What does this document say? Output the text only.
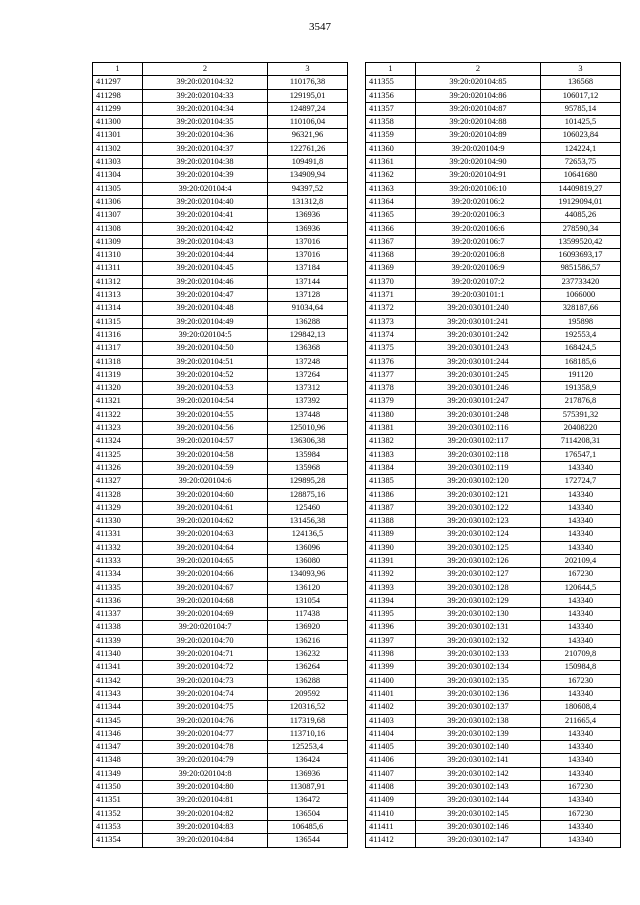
3547
1	2	3
411297	39:20:020104:32	110176,38
411298	39:20:020104:33	129195,01
411299	39:20:020104:34	124897,24
411300	39:20:020104:35	110106,04
411301	39:20:020104:36	96321,96
411302	39:20:020104:37	122761,26
411303	39:20:020104:38	109491,8
411304	39:20:020104:39	134909,94
411305	39:20:020104:4	94397,52
411306	39:20:020104:40	131312,8
411307	39:20:020104:41	136936
411308	39:20:020104:42	136936
411309	39:20:020104:43	137016
411310	39:20:020104:44	137016
411311	39:20:020104:45	137184
411312	39:20:020104:46	137144
411313	39:20:020104:47	137128
411314	39:20:020104:48	91034,64
411315	39:20:020104:49	136288
411316	39:20:020104:5	129842,13
411317	39:20:020104:50	136368
411318	39:20:020104:51	137248
411319	39:20:020104:52	137264
411320	39:20:020104:53	137312
411321	39:20:020104:54	137392
411322	39:20:020104:55	137448
411323	39:20:020104:56	125010,96
411324	39:20:020104:57	136306,38
411325	39:20:020104:58	135984
411326	39:20:020104:59	135968
411327	39:20:020104:6	129895,28
411328	39:20:020104:60	128875,16
411329	39:20:020104:61	125460
411330	39:20:020104:62	131456,38
411331	39:20:020104:63	124136,5
411332	39:20:020104:64	136096
411333	39:20:020104:65	136080
411334	39:20:020104:66	134093,96
411335	39:20:020104:67	136120
411336	39:20:020104:68	131054
411337	39:20:020104:69	117438
411338	39:20:020104:7	136920
411339	39:20:020104:70	136216
411340	39:20:020104:71	136232
411341	39:20:020104:72	136264
411342	39:20:020104:73	136288
411343	39:20:020104:74	209592
411344	39:20:020104:75	120316,52
411345	39:20:020104:76	117319,68
411346	39:20:020104:77	113710,16
411347	39:20:020104:78	125253,4
411348	39:20:020104:79	136424
411349	39:20:020104:8	136936
411350	39:20:020104:80	113087,91
411351	39:20:020104:81	136472
411352	39:20:020104:82	136504
411353	39:20:020104:83	106485,6
411354	39:20:020104:84	136544
1	2	3
411355	39:20:020104:85	136568
411356	39:20:020104:86	106017,12
411357	39:20:020104:87	95785,14
411358	39:20:020104:88	101425,5
411359	39:20:020104:89	106023,84
411360	39:20:020104:9	124224,1
411361	39:20:020104:90	72653,75
411362	39:20:020104:91	10641680
411363	39:20:020106:10	14409819,27
411364	39:20:020106:2	19129094,01
411365	39:20:020106:3	44085,26
411366	39:20:020106:6	278590,34
411367	39:20:020106:7	13599520,42
411368	39:20:020106:8	16093693,17
411369	39:20:020106:9	9851586,57
411370	39:20:020107:2	237733420
411371	39:20:030101:1	1066000
411372	39:20:030101:240	328187,66
411373	39:20:030101:241	195898
411374	39:20:030101:242	192553,4
411375	39:20:030101:243	168424,5
411376	39:20:030101:244	168185,6
411377	39:20:030101:245	191120
411378	39:20:030101:246	191358,9
411379	39:20:030101:247	217876,8
411380	39:20:030101:248	575391,32
411381	39:20:030102:116	20408220
411382	39:20:030102:117	7114208,31
411383	39:20:030102:118	176547,1
411384	39:20:030102:119	143340
411385	39:20:030102:120	172724,7
411386	39:20:030102:121	143340
411387	39:20:030102:122	143340
411388	39:20:030102:123	143340
411389	39:20:030102:124	143340
411390	39:20:030102:125	143340
411391	39:20:030102:126	202109,4
411392	39:20:030102:127	167230
411393	39:20:030102:128	120644,5
411394	39:20:030102:129	143340
411395	39:20:030102:130	143340
411396	39:20:030102:131	143340
411397	39:20:030102:132	143340
411398	39:20:030102:133	210709,8
411399	39:20:030102:134	150984,8
411400	39:20:030102:135	167230
411401	39:20:030102:136	143340
411402	39:20:030102:137	180608,4
411403	39:20:030102:138	211665,4
411404	39:20:030102:139	143340
411405	39:20:030102:140	143340
411406	39:20:030102:141	143340
411407	39:20:030102:142	143340
411408	39:20:030102:143	167230
411409	39:20:030102:144	143340
411410	39:20:030102:145	167230
411411	39:20:030102:146	143340
411412	39:20:030102:147	143340
